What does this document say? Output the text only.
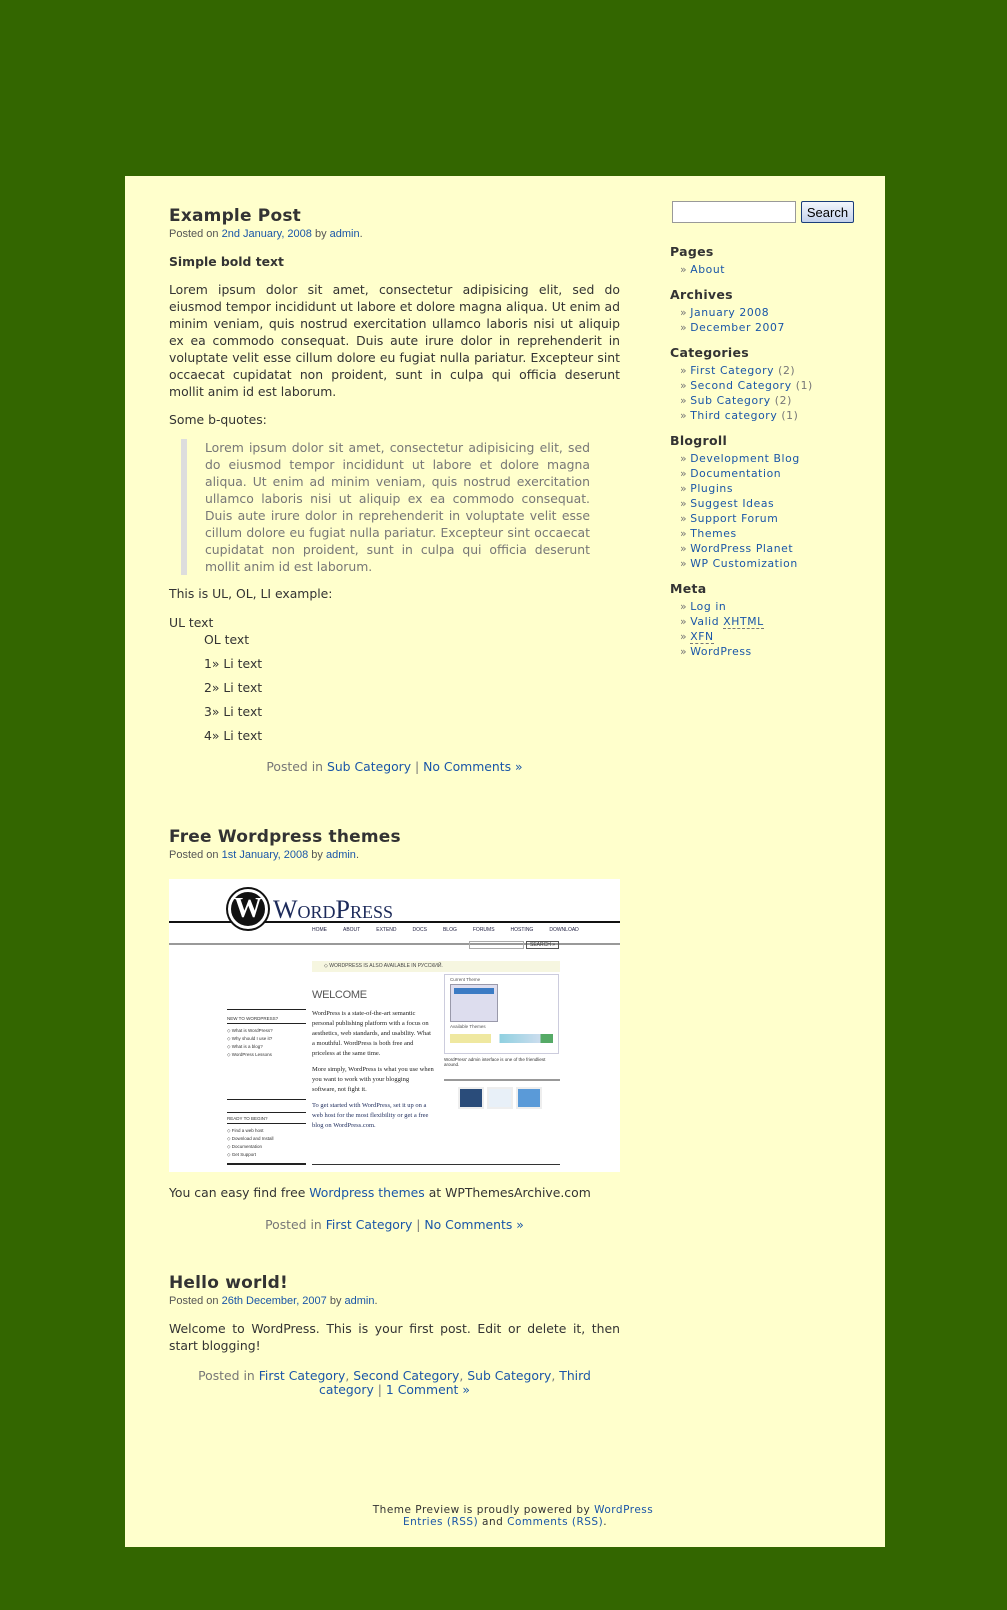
Example Post
Posted on 2nd January, 2008 by admin.
Simple bold text

Lorem ipsum dolor sit amet, consectetur adipisicing elit, sed do eiusmod tempor incididunt ut labore et dolore magna aliqua. Ut enim ad minim veniam, quis nostrud exercitation ullamco laboris nisi ut aliquip ex ea commodo consequat. Duis aute irure dolor in reprehenderit in voluptate velit esse cillum dolore eu fugiat nulla pariatur. Excepteur sint occaecat cupidatat non proident, sunt in culpa qui officia deserunt mollit anim id est laborum.

Some b-quotes:

Lorem ipsum dolor sit amet, consectetur adipisicing elit, sed do eiusmod tempor incididunt ut labore et dolore magna aliqua. Ut enim ad minim veniam, quis nostrud exercitation ullamco laboris nisi ut aliquip ex ea commodo consequat. Duis aute irure dolor in reprehenderit in voluptate velit esse cillum dolore eu fugiat nulla pariatur. Excepteur sint occaecat cupidatat non proident, sunt in culpa qui officia deserunt mollit anim id est laborum.

This is UL, OL, LI example:

UL text
OL text
1» Li text
2» Li text
3» Li text
4» Li text
Posted in Sub Category | No Comments »
Free Wordpress themes
Posted on 1st January, 2008 by admin.
W WordPress
HOME	ABOUT	EXTEND	DOCS	BLOG	FORUMS	HOSTING	DOWNLOAD
SEARCH »
◇ WORDPRESS IS ALSO AVAILABLE IN РУССКИЙ.
WELCOME

WordPress is a state-of-the-art semantic personal publishing platform with a focus on aesthetics, web standards, and usability. What a mouthful. WordPress is both free and priceless at the same time.

More simply, WordPress is what you use when you want to work with your blogging software, not fight it.

To get started with WordPress, set it up on a web host for the most flexibility or get a free blog on WordPress.com.

NEW TO WORDPRESS?
◇ What is WordPress?
◇ Why should I use it?
◇ What is a blog?
◇ WordPress Lessons
READY TO BEGIN?
◇ Find a web host
◇ Download and Install
◇ Documentation
◇ Get Support
Current Theme
Available Themes
WordPress' admin interface is one of the friendliest around.

You can easy find free Wordpress themes at WPThemesArchive.com

Posted in First Category | No Comments »
Hello world!
Posted on 26th December, 2007 by admin.

Welcome to WordPress. This is your first post. Edit or delete it, then start blogging!

Posted in First Category, Second Category, Sub Category, Third category | 1 Comment »
Search
Pages
» About
Archives
» January 2008
» December 2007
Categories
» First Category (2)
» Second Category (1)
» Sub Category (2)
» Third category (1)
Blogroll
» Development Blog
» Documentation
» Plugins
» Suggest Ideas
» Support Forum
» Themes
» WordPress Planet
» WP Customization
Meta
» Log in
» Valid XHTML
» XFN
» WordPress
Theme Preview is proudly powered by WordPress
Entries (RSS) and Comments (RSS).
